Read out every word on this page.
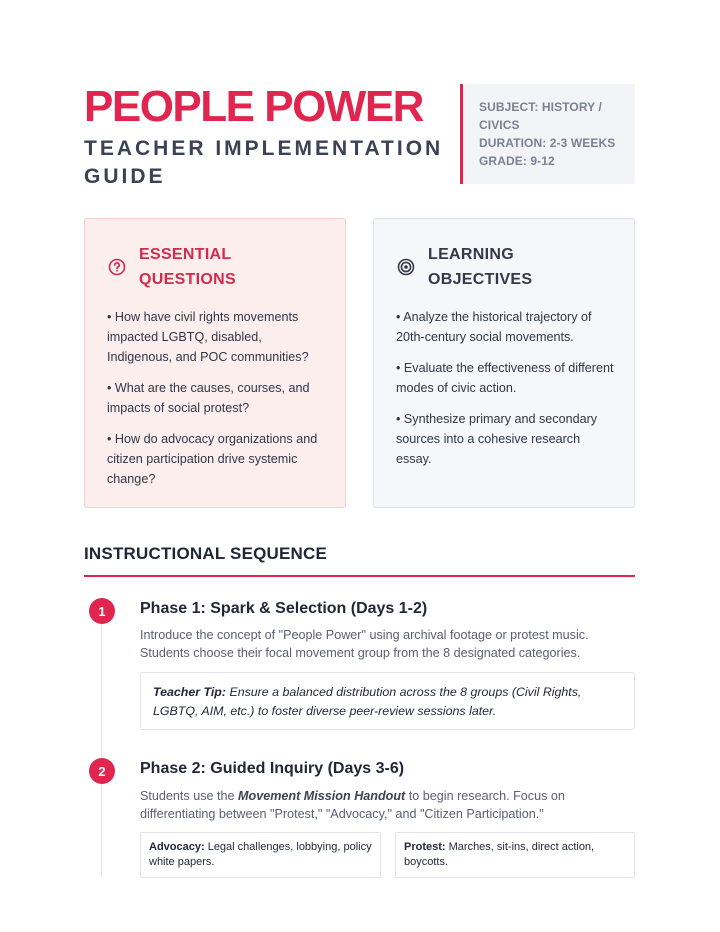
PEOPLE POWER
TEACHER IMPLEMENTATION GUIDE
SUBJECT: HISTORY / CIVICS
DURATION: 2-3 WEEKS
GRADE: 9-12
ESSENTIAL QUESTIONS
• How have civil rights movements impacted LGBTQ, disabled, Indigenous, and POC communities?
• What are the causes, courses, and impacts of social protest?
• How do advocacy organizations and citizen participation drive systemic change?
LEARNING OBJECTIVES
• Analyze the historical trajectory of 20th-century social movements.
• Evaluate the effectiveness of different modes of civic action.
• Synthesize primary and secondary sources into a cohesive research essay.
INSTRUCTIONAL SEQUENCE
1	Phase 1: Spark & Selection (Days 1-2)
Introduce the concept of "People Power" using archival footage or protest music. Students choose their focal movement group from the 8 designated categories.
Teacher Tip: Ensure a balanced distribution across the 8 groups (Civil Rights, LGBTQ, AIM, etc.) to foster diverse peer-review sessions later.
2	Phase 2: Guided Inquiry (Days 3-6)
Students use the Movement Mission Handout to begin research. Focus on differentiating between "Protest," "Advocacy," and "Citizen Participation."
Advocacy: Legal challenges, lobbying, policy white papers.
Protest: Marches, sit-ins, direct action, boycotts.
